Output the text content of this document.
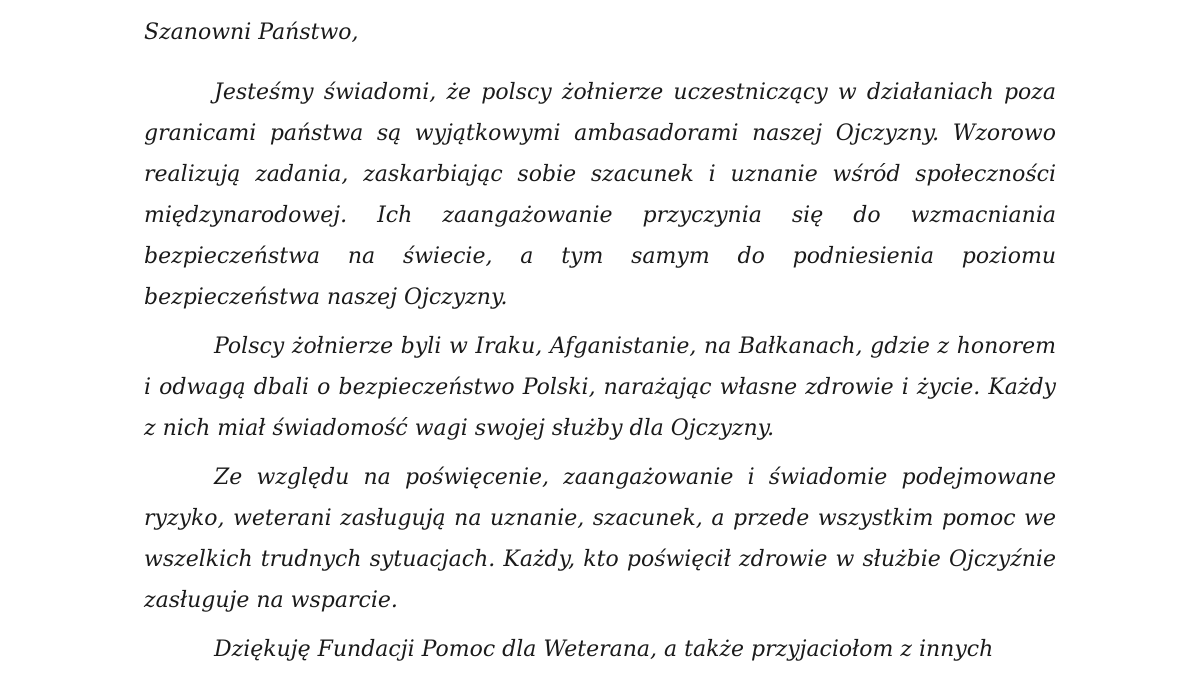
Szanowni Państwo,

Jesteśmy świadomi, że polscy żołnierze uczestniczący w działaniach poza granicami państwa są wyjątkowymi ambasadorami naszej Ojczyzny. Wzorowo realizują zadania, zaskarbiając sobie szacunek i uznanie wśród społeczności międzynarodowej. Ich zaangażowanie przyczynia się do wzmacniania bezpieczeństwa na świecie, a tym samym do podniesienia poziomu bezpieczeństwa naszej Ojczyzny.

Polscy żołnierze byli w Iraku, Afganistanie, na Bałkanach, gdzie z honorem i odwagą dbali o bezpieczeństwo Polski, narażając własne zdrowie i życie. Każdy z nich miał świadomość wagi swojej służby dla Ojczyzny.

Ze względu na poświęcenie, zaangażowanie i świadomie podejmowane ryzyko, weterani zasługują na uznanie, szacunek, a przede wszystkim pomoc we wszelkich trudnych sytuacjach. Każdy, kto poświęcił zdrowie w służbie Ojczyźnie zasługuje na wsparcie.

Dziękuję Fundacji Pomoc dla Weterana, a także przyjaciołom z innych
